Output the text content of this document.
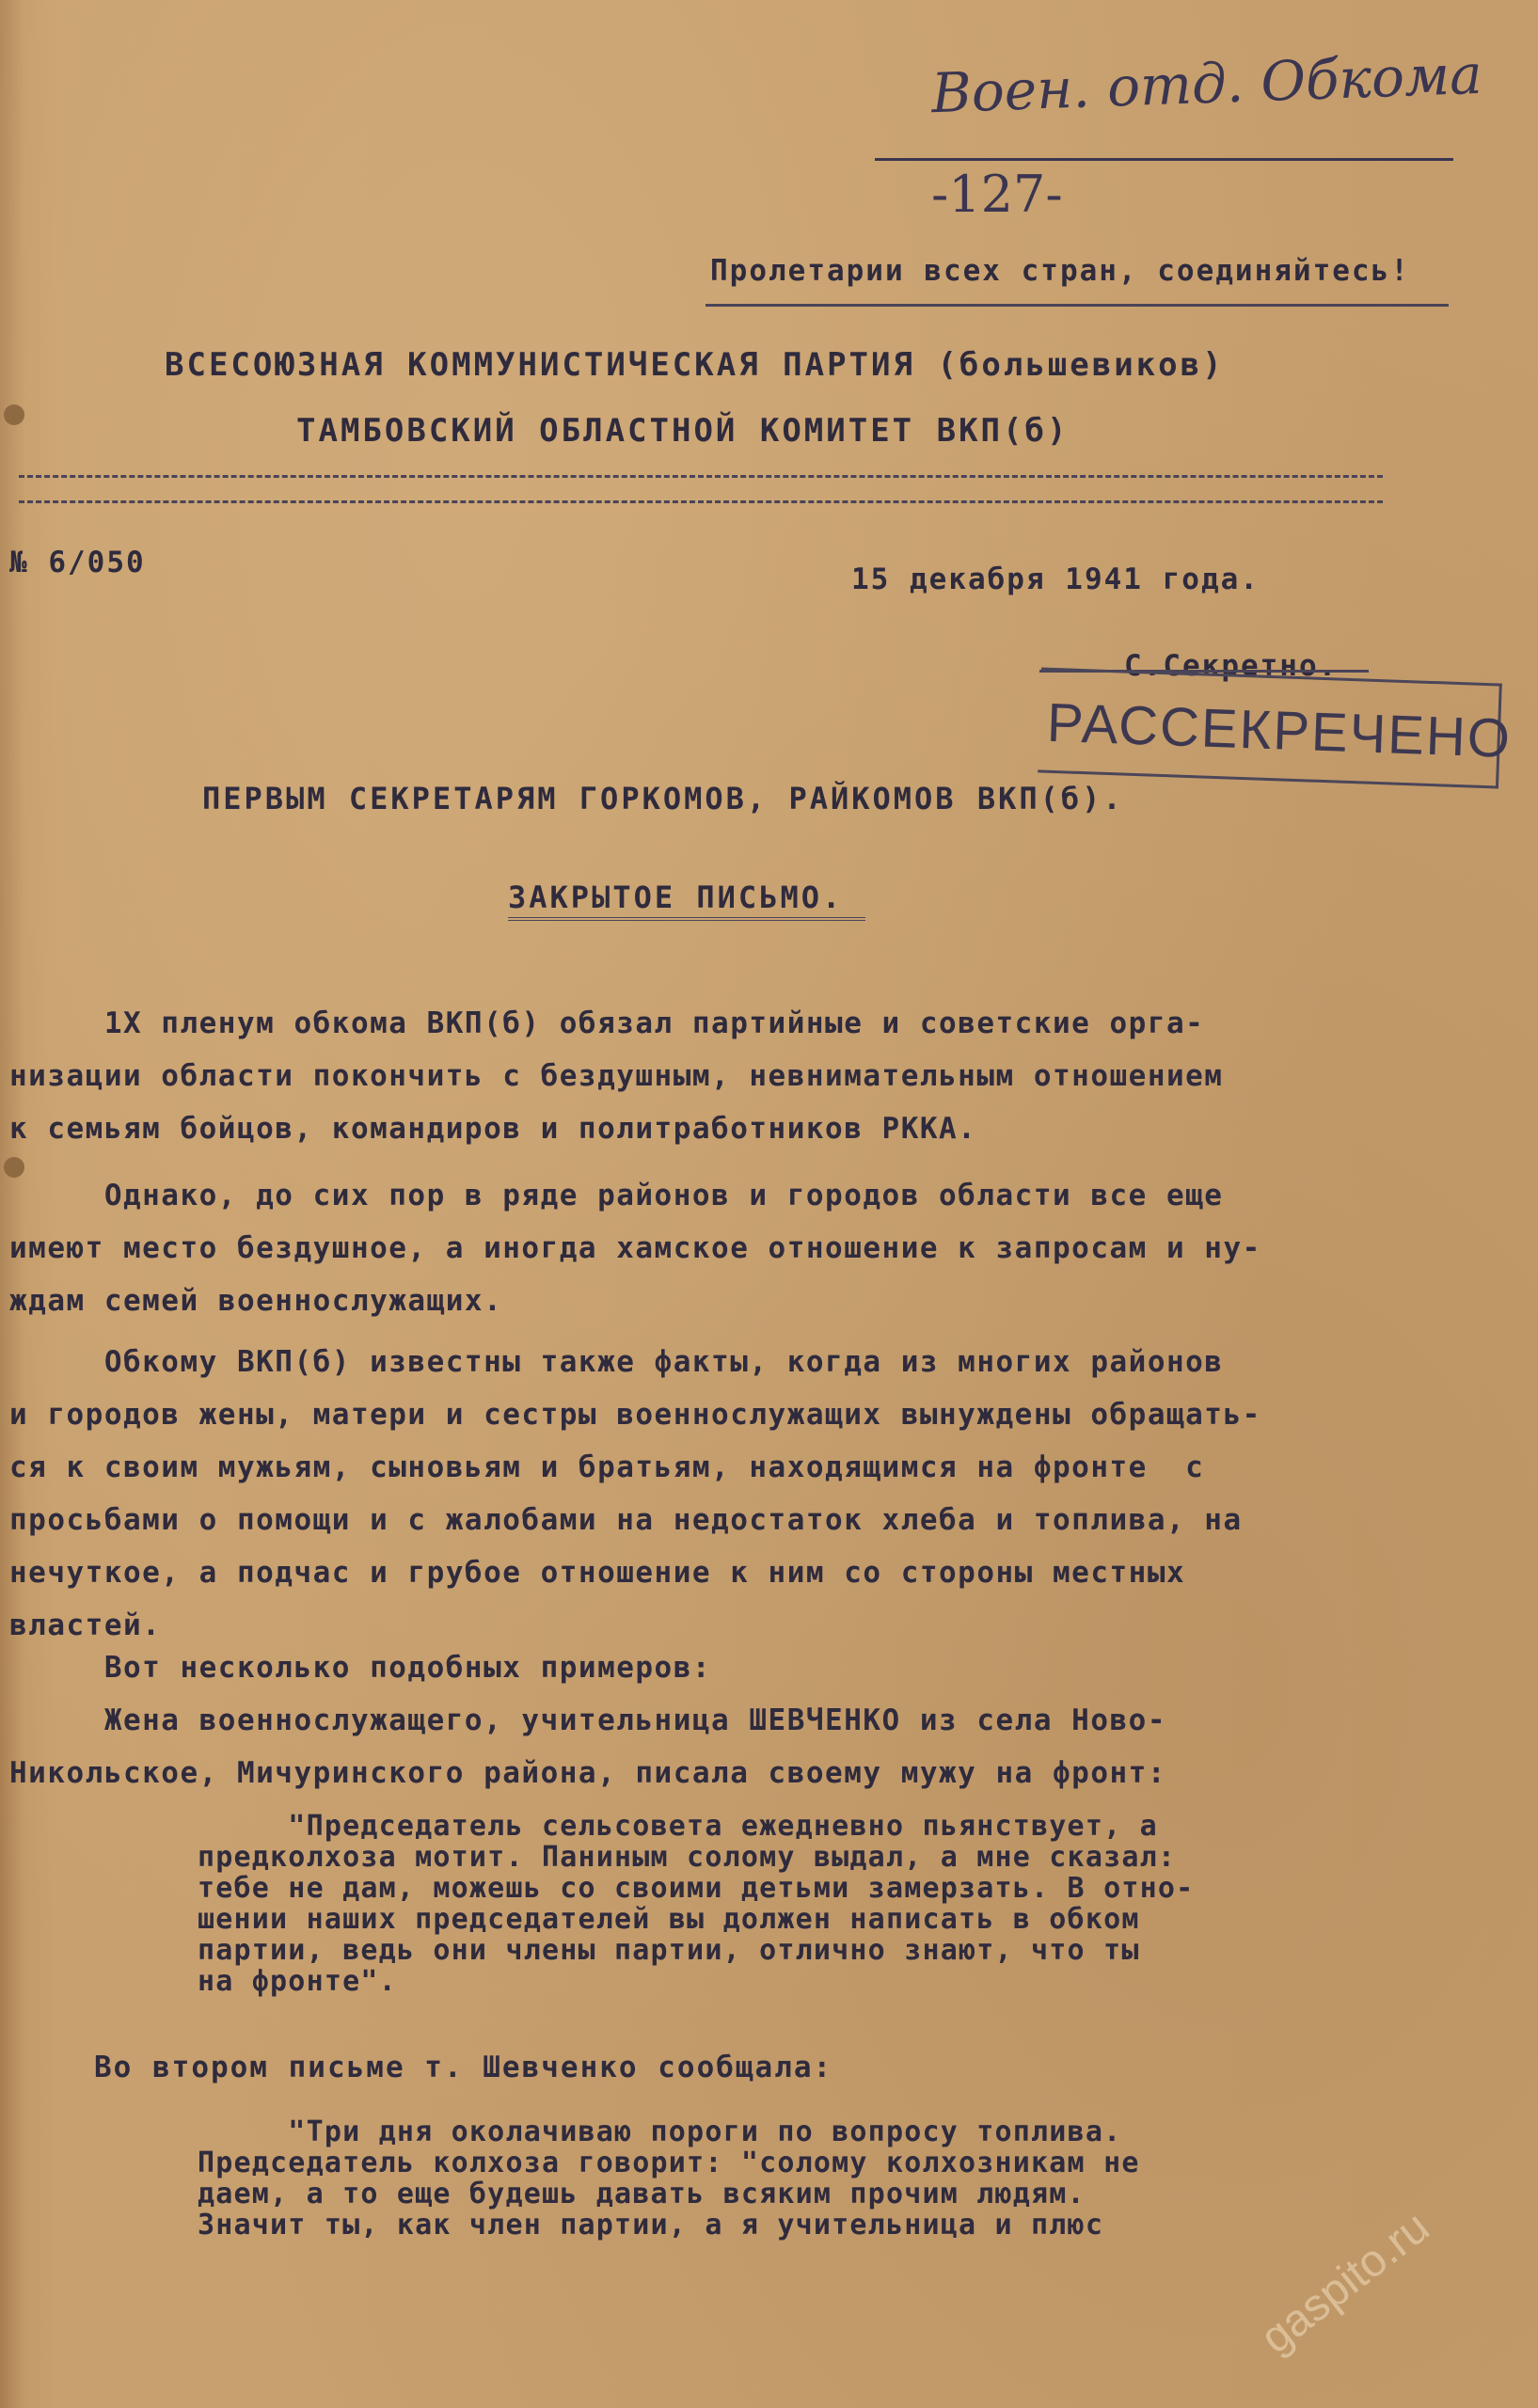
Воен. отд. Обкома
-127-
Пролетарии всех стран, соединяйтесь!
ВСЕСОЮЗНАЯ КОММУНИСТИЧЕСКАЯ ПАРТИЯ (большевиков)
ТАМБОВСКИЙ ОБЛАСТНОЙ КОМИТЕТ ВКП(б)
№ 6/050	15 декабря 1941 года.
С.Секретно.
РАССЕКРЕЧЕНО
ПЕРВЫМ СЕКРЕТАРЯМ ГОРКОМОВ, РАЙКОМОВ ВКП(б).
ЗАКРЫТОЕ ПИСЬМО.
1Х пленум обкома ВКП(б) обязал партийные и советские орга-
низации области покончить с бездушным, невнимательным отношением
к семьям бойцов, командиров и политработников РККА.
Однако, до сих пор в ряде районов и городов области все еще
имеют место бездушное, а иногда хамское отношение к запросам и ну-
ждам семей военнослужащих.
Обкому ВКП(б) известны также факты, когда из многих районов
и городов жены, матери и сестры военнослужащих вынуждены обращать-
ся к своим мужьям, сыновьям и братьям, находящимся на фронте  с
просьбами о помощи и с жалобами на недостаток хлеба и топлива, на
нечуткое, а подчас и грубое отношение к ним со стороны местных
властей.
Вот несколько подобных примеров:
Жена военнослужащего, учительница ШЕВЧЕНКО из села Ново-
Никольское, Мичуринского района, писала своему мужу на фронт:
"Председатель сельсовета ежедневно пьянствует, а
предколхоза мотит. Паниным солому выдал, а мне сказал:
тебе не дам, можешь со своими детьми замерзать. В отно-
шении наших председателей вы должен написать в обком
партии, ведь они члены партии, отлично знают, что ты
на фронте".
Во втором письме т. Шевченко сообщала:
"Три дня околачиваю пороги по вопросу топлива.
Председатель колхоза говорит: "солому колхозникам не
даем, а то еще будешь давать всяким прочим людям.
Значит ты, как член партии, а я учительница и плюс	gaspito.ru
